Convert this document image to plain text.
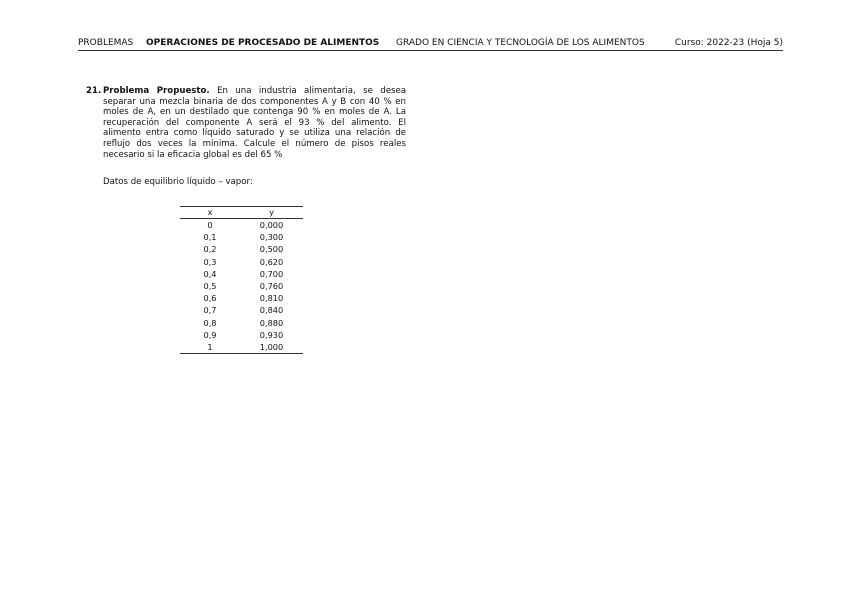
PROBLEMAS OPERACIONES DE PROCESADO DE ALIMENTOS GRADO EN CIENCIA Y TECNOLOGÍA DE LOS ALIMENTOS	Curso: 2022-23 (Hoja 5)
21. Problema Propuesto. En una industria alimentaria, se desea separar una mezcla binaria de dos componentes A y B con 40 % en moles de A, en un destilado que contenga 90 % en moles de A. La recuperación del componente A será el 93 % del alimento. El alimento entra como líquido saturado y se utiliza una relación de reflujo dos veces la mínima. Calcule el número de pisos reales necesario si la eficacia global es del 65 %
Datos de equilibrio líquido – vapor:
x	y
0	0,000
0,1	0,300
0,2	0,500
0,3	0,620
0,4	0,700
0,5	0,760
0,6	0,810
0,7	0,840
0,8	0,880
0,9	0,930
1	1,000
